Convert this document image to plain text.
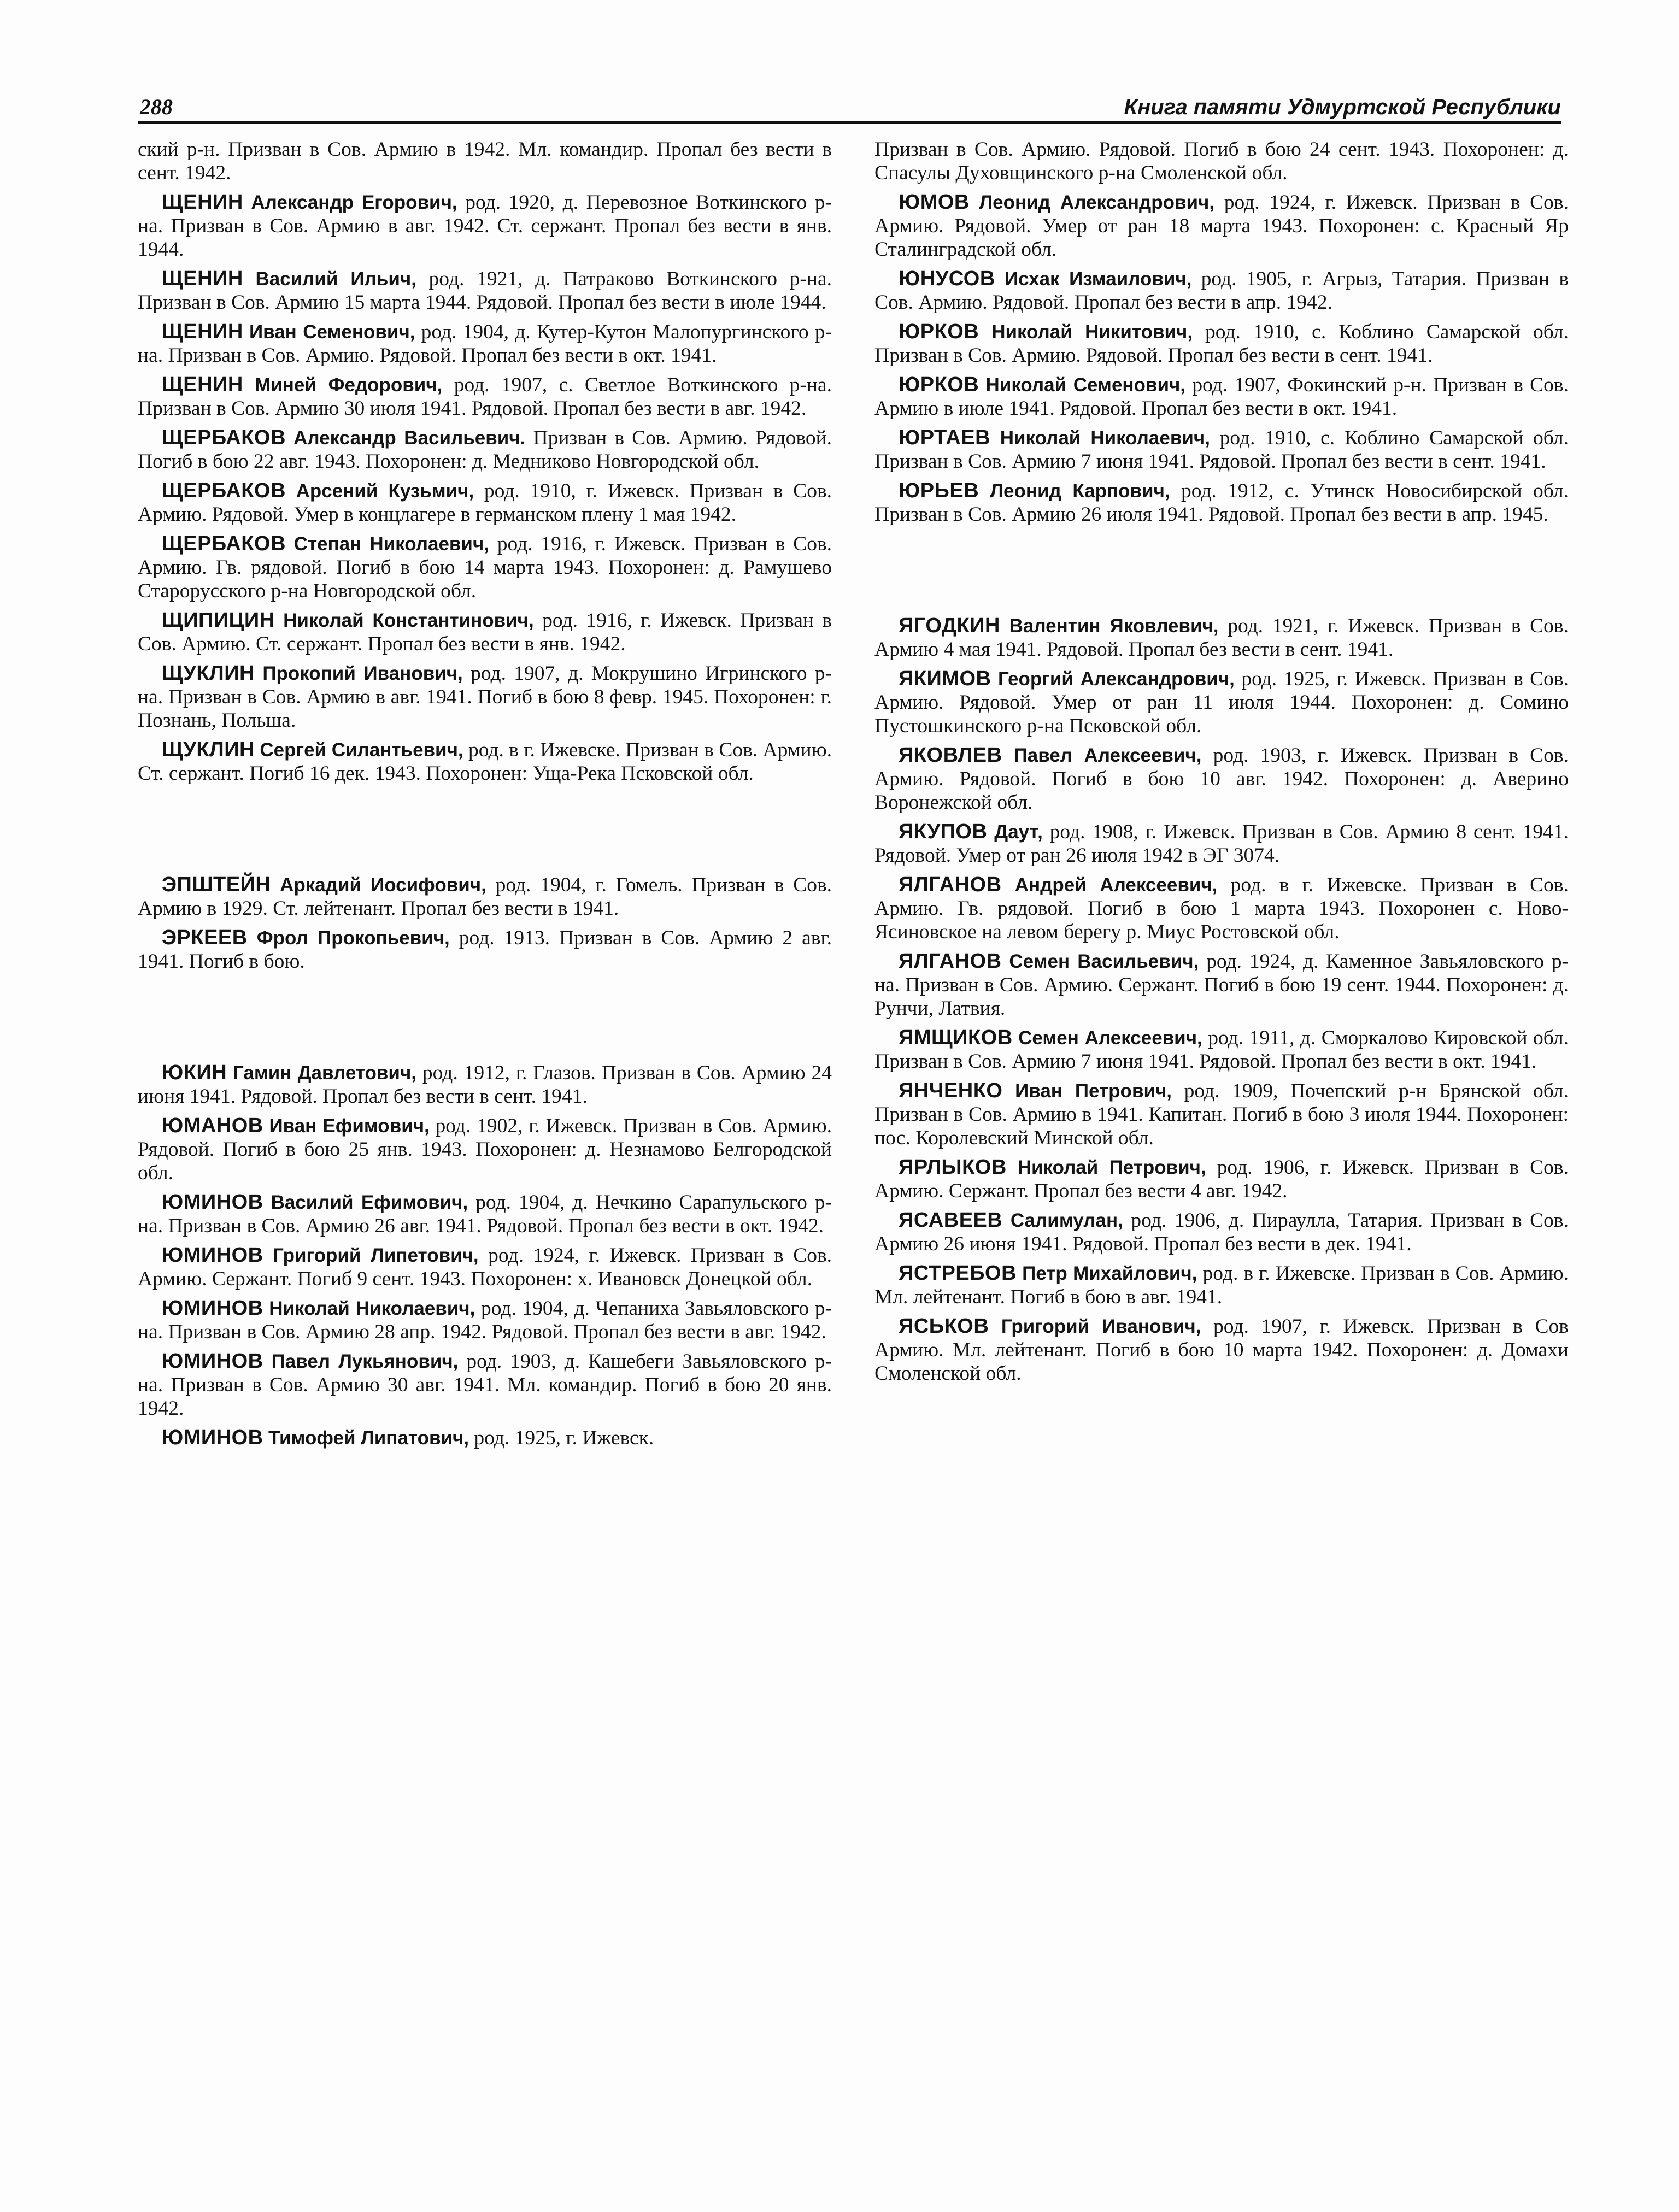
288	Книга памяти Удмуртской Республики

ский р-н. Призван в Сов. Армию в 1942. Мл. командир. Пропал без вести в сент. 1942.

ЩЕНИН Александр Егорович, род. 1920, д. Перевозное Воткинского р-на. Призван в Сов. Армию в авг. 1942. Ст. сержант. Пропал без вести в янв. 1944.

ЩЕНИН Василий Ильич, род. 1921, д. Патраково Воткинского р-на. Призван в Сов. Армию 15 марта 1944. Рядовой. Пропал без вести в июле 1944.

ЩЕНИН Иван Семенович, род. 1904, д. Кутер-Кутон Малопургинского р-на. Призван в Сов. Армию. Рядовой. Пропал без вести в окт. 1941.

ЩЕНИН Миней Федорович, род. 1907, с. Светлое Воткинского р-на. Призван в Сов. Армию 30 июля 1941. Рядовой. Пропал без вести в авг. 1942.

ЩЕРБАКОВ Александр Васильевич. Призван в Сов. Армию. Рядовой. Погиб в бою 22 авг. 1943. Похоронен: д. Медниково Новгородской обл.

ЩЕРБАКОВ Арсений Кузьмич, род. 1910, г. Ижевск. Призван в Сов. Армию. Рядовой. Умер в концлагере в германском плену 1 мая 1942.

ЩЕРБАКОВ Степан Николаевич, род. 1916, г. Ижевск. Призван в Сов. Армию. Гв. рядовой. Погиб в бою 14 марта 1943. Похоронен: д. Рамушево Старорусского р-на Новгородской обл.

ЩИПИЦИН Николай Константинович, род. 1916, г. Ижевск. Призван в Сов. Армию. Ст. сержант. Пропал без вести в янв. 1942.

ЩУКЛИН Прокопий Иванович, род. 1907, д. Мокрушино Игринского р-на. Призван в Сов. Армию в авг. 1941. Погиб в бою 8 февр. 1945. Похоронен: г. Познань, Польша.

ЩУКЛИН Сергей Силантьевич, род. в г. Ижевске. Призван в Сов. Армию. Ст. сержант. Погиб 16 дек. 1943. Похоронен: Уща-Река Псковской обл.

ЭПШТЕЙН Аркадий Иосифович, род. 1904, г. Гомель. Призван в Сов. Армию в 1929. Ст. лейтенант. Пропал без вести в 1941.

ЭРКЕЕВ Фрол Прокопьевич, род. 1913. Призван в Сов. Армию 2 авг. 1941. Погиб в бою.

ЮКИН Гамин Давлетович, род. 1912, г. Глазов. Призван в Сов. Армию 24 июня 1941. Рядовой. Пропал без вести в сент. 1941.

ЮМАНОВ Иван Ефимович, род. 1902, г. Ижевск. Призван в Сов. Армию. Рядовой. Погиб в бою 25 янв. 1943. Похоронен: д. Незнамово Белгородской обл.

ЮМИНОВ Василий Ефимович, род. 1904, д. Нечкино Сарапульского р-на. Призван в Сов. Армию 26 авг. 1941. Рядовой. Пропал без вести в окт. 1942.

ЮМИНОВ Григорий Липетович, род. 1924, г. Ижевск. Призван в Сов. Армию. Сержант. Погиб 9 сент. 1943. Похоронен: х. Ивановск Донецкой обл.

ЮМИНОВ Николай Николаевич, род. 1904, д. Чепаниха Завьяловского р-на. Призван в Сов. Армию 28 апр. 1942. Рядовой. Пропал без вести в авг. 1942.

ЮМИНОВ Павел Лукьянович, род. 1903, д. Кашебеги Завьяловского р-на. Призван в Сов. Армию 30 авг. 1941. Мл. командир. Погиб в бою 20 янв. 1942.

ЮМИНОВ Тимофей Липатович, род. 1925, г. Ижевск.

Призван в Сов. Армию. Рядовой. Погиб в бою 24 сент. 1943. Похоронен: д. Спасулы Духовщинского р-на Смоленской обл.

ЮМОВ Леонид Александрович, род. 1924, г. Ижевск. Призван в Сов. Армию. Рядовой. Умер от ран 18 марта 1943. Похоронен: с. Красный Яр Сталинградской обл.

ЮНУСОВ Исхак Измаилович, род. 1905, г. Агрыз, Татария. Призван в Сов. Армию. Рядовой. Пропал без вести в апр. 1942.

ЮРКОВ Николай Никитович, род. 1910, с. Коблино Самарской обл. Призван в Сов. Армию. Рядовой. Пропал без вести в сент. 1941.

ЮРКОВ Николай Семенович, род. 1907, Фокинский р-н. Призван в Сов. Армию в июле 1941. Рядовой. Пропал без вести в окт. 1941.

ЮРТАЕВ Николай Николаевич, род. 1910, с. Коблино Самарской обл. Призван в Сов. Армию 7 июня 1941. Рядовой. Пропал без вести в сент. 1941.

ЮРЬЕВ Леонид Карпович, род. 1912, с. Утинск Новосибирской обл. Призван в Сов. Армию 26 июля 1941. Рядовой. Пропал без вести в апр. 1945.

ЯГОДКИН Валентин Яковлевич, род. 1921, г. Ижевск. Призван в Сов. Армию 4 мая 1941. Рядовой. Пропал без вести в сент. 1941.

ЯКИМОВ Георгий Александрович, род. 1925, г. Ижевск. Призван в Сов. Армию. Рядовой. Умер от ран 11 июля 1944. Похоронен: д. Сомино Пустошкинского р-на Псковской обл.

ЯКОВЛЕВ Павел Алексеевич, род. 1903, г. Ижевск. Призван в Сов. Армию. Рядовой. Погиб в бою 10 авг. 1942. Похоронен: д. Аверино Воронежской обл.

ЯКУПОВ Даут, род. 1908, г. Ижевск. Призван в Сов. Армию 8 сент. 1941. Рядовой. Умер от ран 26 июля 1942 в ЭГ 3074.

ЯЛГАНОВ Андрей Алексеевич, род. в г. Ижевске. Призван в Сов. Армию. Гв. рядовой. Погиб в бою 1 марта 1943. Похоронен с. Ново-Ясиновское на левом берегу р. Миус Ростовской обл.

ЯЛГАНОВ Семен Васильевич, род. 1924, д. Каменное Завьяловского р-на. Призван в Сов. Армию. Сержант. Погиб в бою 19 сент. 1944. Похоронен: д. Рунчи, Латвия.

ЯМЩИКОВ Семен Алексеевич, род. 1911, д. Сморкалово Кировской обл. Призван в Сов. Армию 7 июня 1941. Рядовой. Пропал без вести в окт. 1941.

ЯНЧЕНКО Иван Петрович, род. 1909, Почепский р-н Брянской обл. Призван в Сов. Армию в 1941. Капитан. Погиб в бою 3 июля 1944. Похоронен: пос. Королевский Минской обл.

ЯРЛЫКОВ Николай Петрович, род. 1906, г. Ижевск. Призван в Сов. Армию. Сержант. Пропал без вести 4 авг. 1942.

ЯСАВЕЕВ Салимулан, род. 1906, д. Пираулла, Татария. Призван в Сов. Армию 26 июня 1941. Рядовой. Пропал без вести в дек. 1941.

ЯСТРЕБОВ Петр Михайлович, род. в г. Ижевске. Призван в Сов. Армию. Мл. лейтенант. Погиб в бою в авг. 1941.

ЯСЬКОВ Григорий Иванович, род. 1907, г. Ижевск. Призван в Сов Армию. Мл. лейтенант. Погиб в бою 10 марта 1942. Похоронен: д. Домахи Смоленской обл.
